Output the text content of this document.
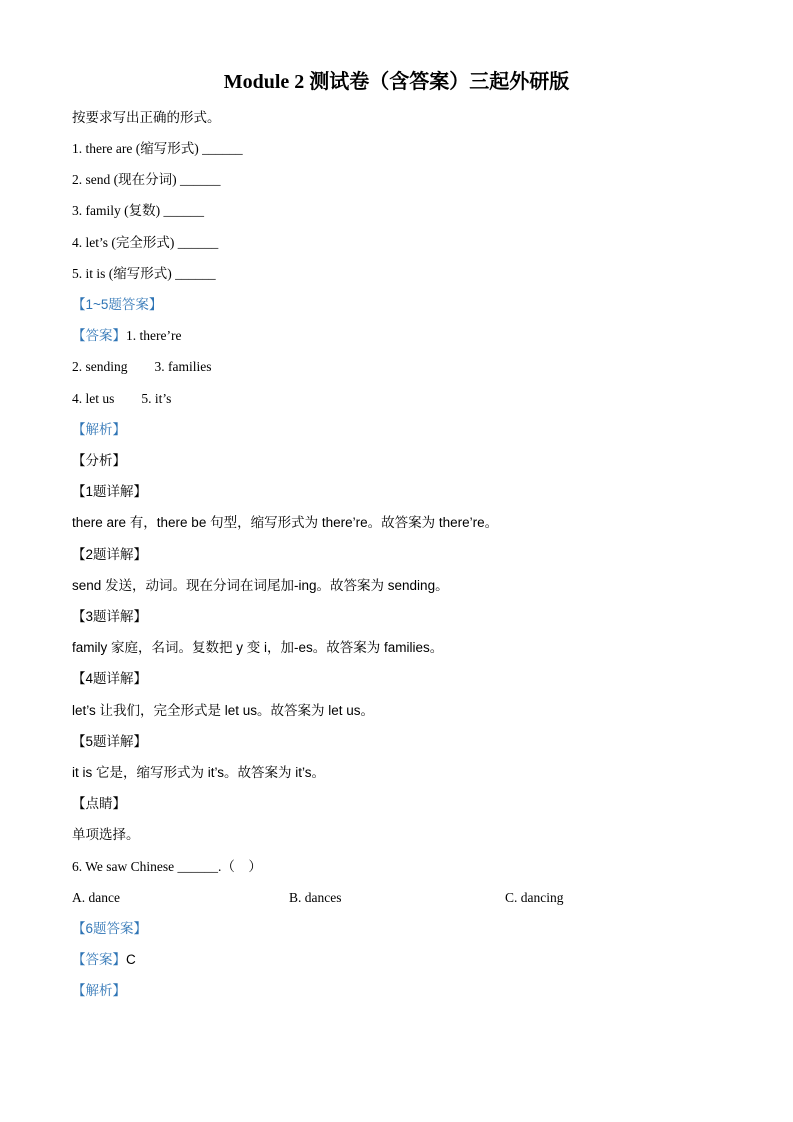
Module 2 测试卷（含答案）三起外研版
按要求写出正确的形式。
1. there are (缩写形式) ______
2. send (现在分词) ______
3. family (复数) ______
4. let’s (完全形式) ______
5. it is (缩写形式) ______
【1~5题答案】
【答案】1. there’re
2. sending        3. families
4. let us        5. it’s
【解析】
【分析】
【1题详解】
there are 有，there be 句型，缩写形式为 there’re。故答案为 there’re。
【2题详解】
send 发送，动词。现在分词在词尾加-ing。故答案为 sending。
【3题详解】
family 家庭，名词。复数把 y 变 i，加-es。故答案为 families。
【4题详解】
let’s 让我们，完全形式是 let us。故答案为 let us。
【5题详解】
it is 它是，缩写形式为 it’s。故答案为 it’s。
【点睛】
单项选择。
6. We saw Chinese ______.（    ）
A. dance	B. dances	C. dancing
【6题答案】
【答案】C
【解析】
